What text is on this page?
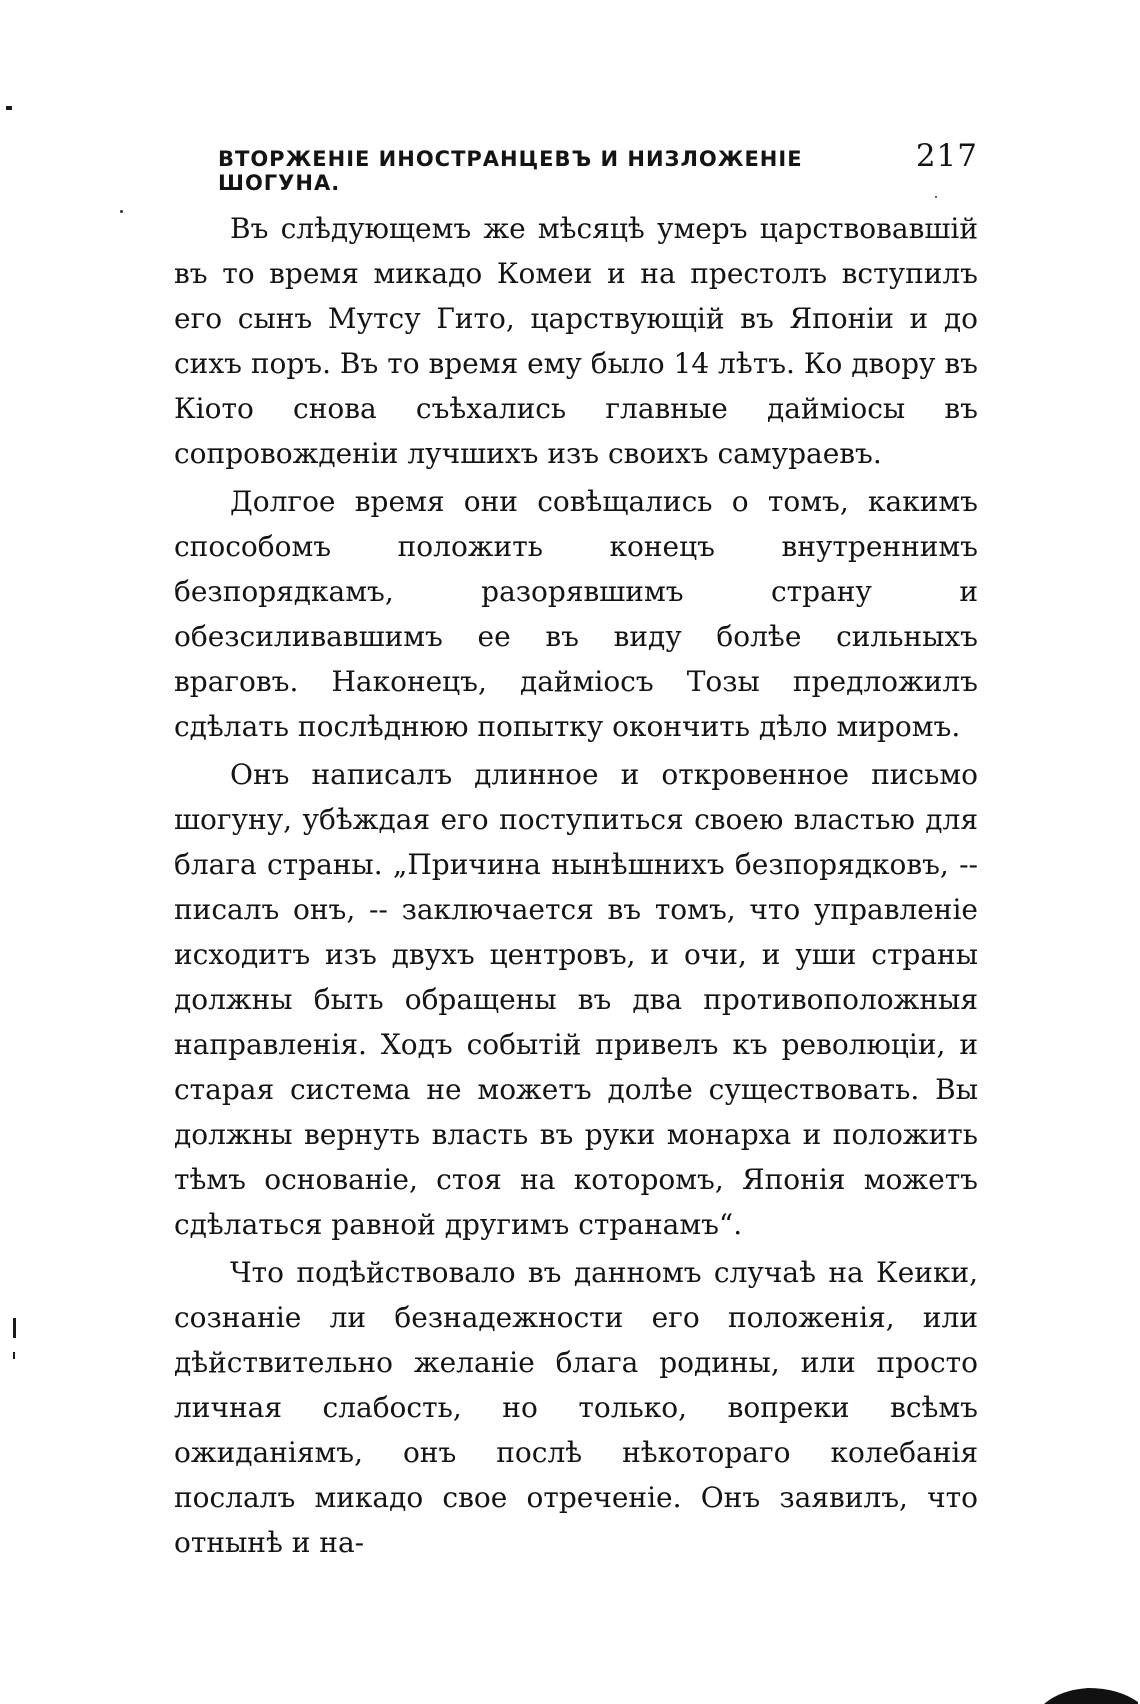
ВТОРЖЕНІЕ ИНОСТРАНЦЕВЪ И НИЗЛОЖЕНІЕ ШОГУНА.
217

Въ слѣдующемъ же мѣсяцѣ умеръ царствовавшій въ то время микадо Комеи и на престолъ вступилъ его сынъ Мутсу Гито, царствующій въ Японіи и до сихъ поръ. Въ то время ему было 14 лѣтъ. Ко двору въ Кіото снова съѣхались главные даймiосы въ сопровожденіи лучшихъ изъ своихъ самураевъ.

Долгое время они совѣщались о томъ, какимъ способомъ положить конецъ внутреннимъ безпорядкамъ, разорявшимъ страну и обезсиливавшимъ ее въ виду болѣе сильныхъ враговъ. Наконецъ, даймiосъ Тозы предложилъ сдѣлать послѣднюю попытку окончить дѣло миромъ.

Онъ написалъ длинное и откровенное письмо шогуну, убѣждая его поступиться своею властью для блага страны. „Причина нынѣшнихъ безпорядковъ, -- писалъ онъ, -- заключается въ томъ, что управленіе исходитъ изъ двухъ центровъ, и очи, и уши страны должны быть обращены въ два противоположныя направленія. Ходъ событій привелъ къ революціи, и старая система не можетъ долѣе существовать. Вы должны вернуть власть въ руки монарха и положить тѣмъ основаніе, стоя на которомъ, Японія можетъ сдѣлаться равной другимъ странамъ“.

Что подѣйствовало въ данномъ случаѣ на Кеики, сознаніе ли безнадежности его положенія, или дѣйствительно желаніе блага родины, или просто личная слабость, но только, вопреки всѣмъ ожиданіямъ, онъ послѣ нѣкотораго колебанія послалъ микадо свое отреченіе. Онъ заявилъ, что отнынѣ и на-
